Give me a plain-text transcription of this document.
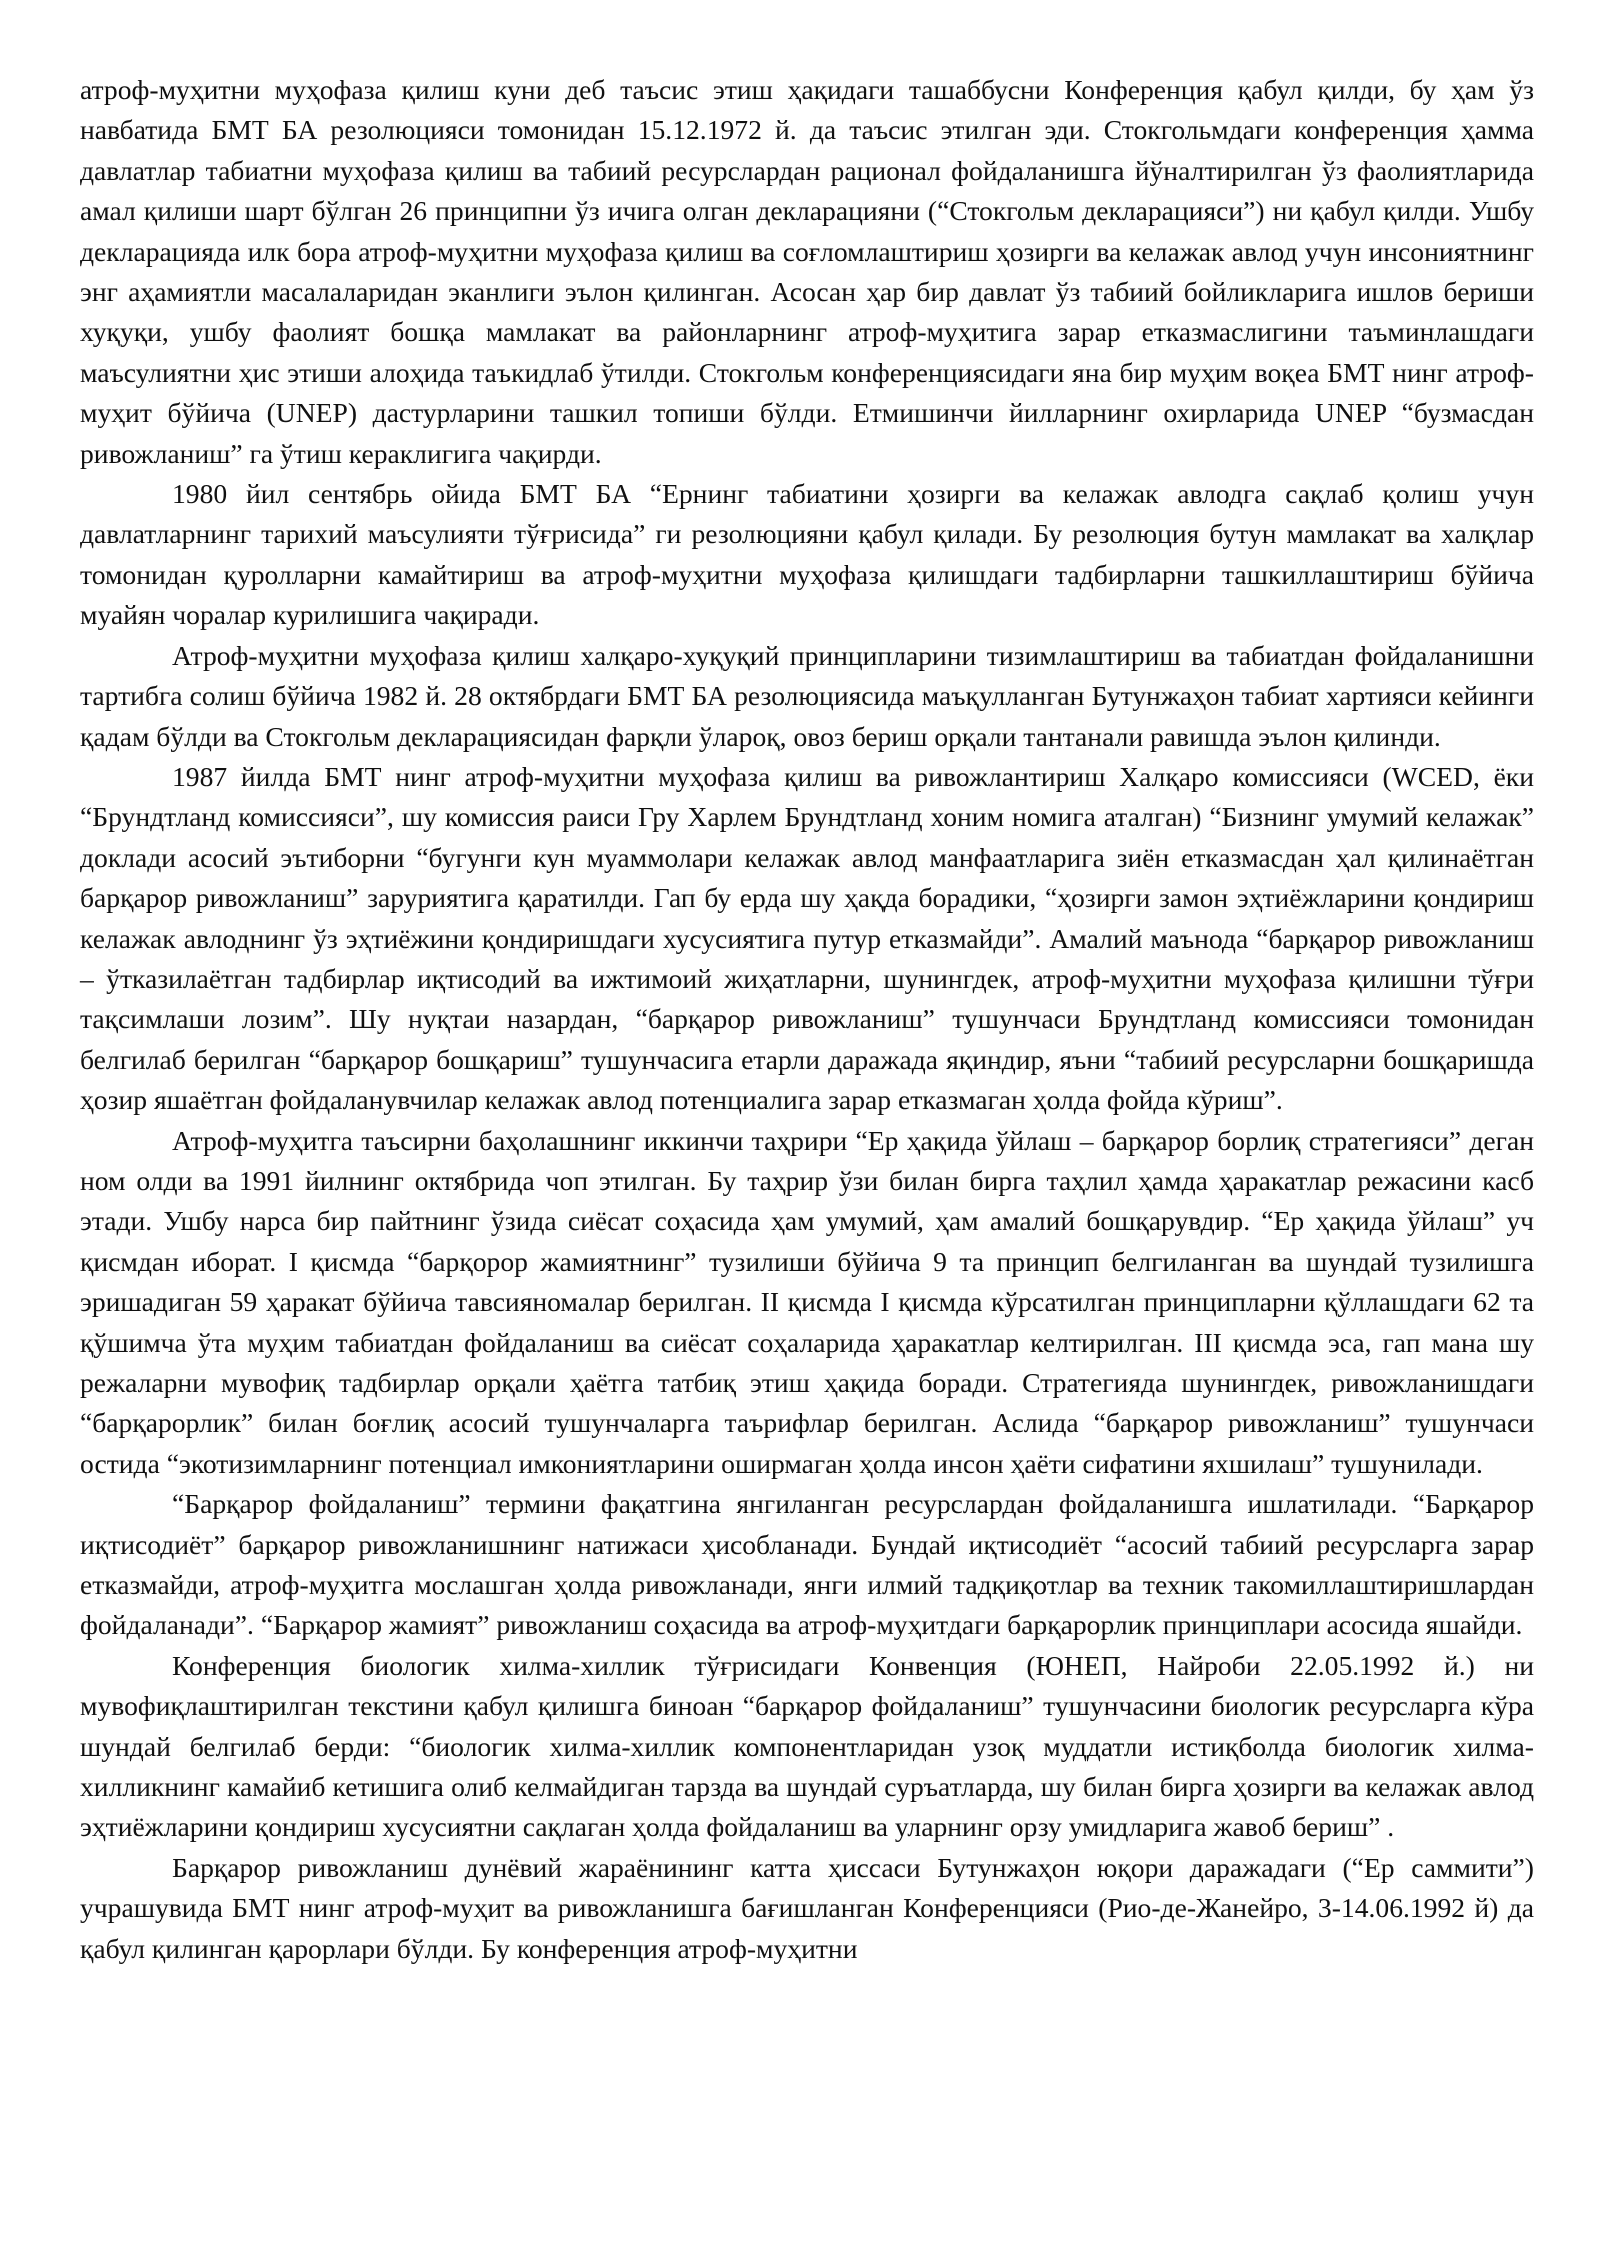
атроф-муҳитни муҳофаза қилиш куни деб таъсис этиш ҳақидаги ташаббусни Конференция қабул қилди, бу ҳам ўз навбатида БМТ БА резолюцияси томонидан 15.12.1972 й. да таъсис этилган эди. Стокгольмдаги конференция ҳамма давлатлар табиатни муҳофаза қилиш ва табиий ресурслардан рационал фойдаланишга йўналтирилган ўз фаолиятларида амал қилиши шарт бўлган 26 принципни ўз ичига олган декларацияни (“Стокгольм декларацияси”) ни қабул қилди. Ушбу декларацияда илк бора атроф-муҳитни муҳофаза қилиш ва соғломлаштириш ҳозирги ва келажак авлод учун инсониятнинг энг аҳамиятли масалаларидан эканлиги эълон қилинган. Асосан ҳар бир давлат ўз табиий бойликларига ишлов бериши хуқуқи, ушбу фаолият бошқа мамлакат ва районларнинг атроф-муҳитига зарар етказмаслигини таъминлашдаги маъсулиятни ҳис этиши алоҳида таъкидлаб ўтилди. Стокгольм конференциясидаги яна бир муҳим воқеа БМТ нинг атроф-муҳит бўйича (UNEP) дастурларини ташкил топиши бўлди. Етмишинчи йилларнинг охирларида UNEP “бузмасдан ривожланиш” га ўтиш кераклигига чақирди.

1980 йил сентябрь ойида БМТ БА “Ернинг табиатини ҳозирги ва келажак авлодга сақлаб қолиш учун давлатларнинг тарихий маъсулияти тўғрисида” ги резолюцияни қабул қилади. Бу резолюция бутун мамлакат ва халқлар томонидан қуролларни камайтириш ва атроф-муҳитни муҳофаза қилишдаги тадбирларни ташкиллаштириш бўйича муайян чоралар курилишига чақиради.

Атроф-муҳитни муҳофаза қилиш халқаро-хуқуқий принципларини тизимлаштириш ва табиатдан фойдаланишни тартибга солиш бўйича 1982 й. 28 октябрдаги БМТ БА резолюциясида маъқулланган Бутунжаҳон табиат хартияси кейинги қадам бўлди ва Стокгольм декларациясидан фарқли ўлароқ, овоз бериш орқали тантанали равишда эълон қилинди.

1987 йилда БМТ нинг атроф-муҳитни муҳофаза қилиш ва ривожлантириш Халқаро комиссияси (WCED, ёки “Брундтланд комиссияси”, шу комиссия раиси Гру Харлем Брундтланд хоним номига аталган) “Бизнинг умумий келажак” доклади асосий эътиборни “бугунги кун муаммолари келажак авлод манфаатларига зиён етказмасдан ҳал қилинаётган барқарор ривожланиш” заруриятига қаратилди. Гап бу ерда шу ҳақда борадики, “ҳозирги замон эҳтиёжларини қондириш келажак авлоднинг ўз эҳтиёжини қондиришдаги хусусиятига путур етказмайди”. Амалий маънода “барқарор ривожланиш – ўтказилаётган тадбирлар иқтисодий ва ижтимоий жиҳатларни, шунингдек, атроф-муҳитни муҳофаза қилишни тўғри тақсимлаши лозим”. Шу нуқтаи назардан, “барқарор ривожланиш” тушунчаси Брундтланд комиссияси томонидан белгилаб берилган “барқарор бошқариш” тушунчасига етарли даражада яқиндир, яъни “табиий ресурсларни бошқаришда ҳозир яшаётган фойдаланувчилар келажак авлод потенциалига зарар етказмаган ҳолда фойда кўриш”.

Атроф-муҳитга таъсирни баҳолашнинг иккинчи таҳрири “Ер ҳақида ўйлаш – барқарор борлиқ стратегияси” деган ном олди ва 1991 йилнинг октябрида чоп этилган. Бу таҳрир ўзи билан бирга таҳлил ҳамда ҳаракатлар режасини касб этади. Ушбу нарса бир пайтнинг ўзида сиёсат соҳасида ҳам умумий, ҳам амалий бошқарувдир. “Ер ҳақида ўйлаш” уч қисмдан иборат. I қисмда “барқорор жамиятнинг” тузилиши бўйича 9 та принцип белгиланган ва шундай тузилишга эришадиган 59 ҳаракат бўйича тавсияномалар берилган. II қисмда I қисмда кўрсатилган принципларни қўллашдаги 62 та қўшимча ўта муҳим табиатдан фойдаланиш ва сиёсат соҳаларида ҳаракатлар келтирилган. III қисмда эса, гап мана шу режаларни мувофиқ тадбирлар орқали ҳаётга татбиқ этиш ҳақида боради. Стратегияда шунингдек, ривожланишдаги “барқарорлик” билан боғлиқ асосий тушунчаларга таърифлар берилган. Аслида “барқарор ривожланиш” тушунчаси остида “экотизимларнинг потенциал имкониятларини оширмаган ҳолда инсон ҳаёти сифатини яхшилаш” тушунилади.

“Барқарор фойдаланиш” термини фақатгина янгиланган ресурслардан фойдаланишга ишлатилади. “Барқарор иқтисодиёт” барқарор ривожланишнинг натижаси ҳисобланади. Бундай иқтисодиёт “асосий табиий ресурсларга зарар етказмайди, атроф-муҳитга мослашган ҳолда ривожланади, янги илмий тадқиқотлар ва техник такомиллаштиришлардан фойдаланади”. “Барқарор жамият” ривожланиш соҳасида ва атроф-муҳитдаги барқарорлик принциплари асосида яшайди.

Конференция биологик хилма-хиллик тўғрисидаги Конвенция (ЮНЕП, Найроби 22.05.1992 й.) ни мувофиқлаштирилган текстини қабул қилишга биноан “барқарор фойдаланиш” тушунчасини биологик ресурсларга кўра шундай белгилаб берди: “биологик хилма-хиллик компонентларидан узоқ муддатли истиқболда биологик хилма-хилликнинг камайиб кетишига олиб келмайдиган тарзда ва шундай суръатларда, шу билан бирга ҳозирги ва келажак авлод эҳтиёжларини қондириш хусусиятни сақлаган ҳолда фойдаланиш ва уларнинг орзу умидларига жавоб бериш” .

Барқарор ривожланиш дунёвий жараёнининг катта ҳиссаси Бутунжаҳон юқори даражадаги (“Ер саммити”) учрашувида БМТ нинг атроф-муҳит ва ривожланишга бағишланган Конференцияси (Рио-де-Жанейро, 3-14.06.1992 й) да қабул қилинган қарорлари бўлди. Бу конференция атроф-муҳитни
